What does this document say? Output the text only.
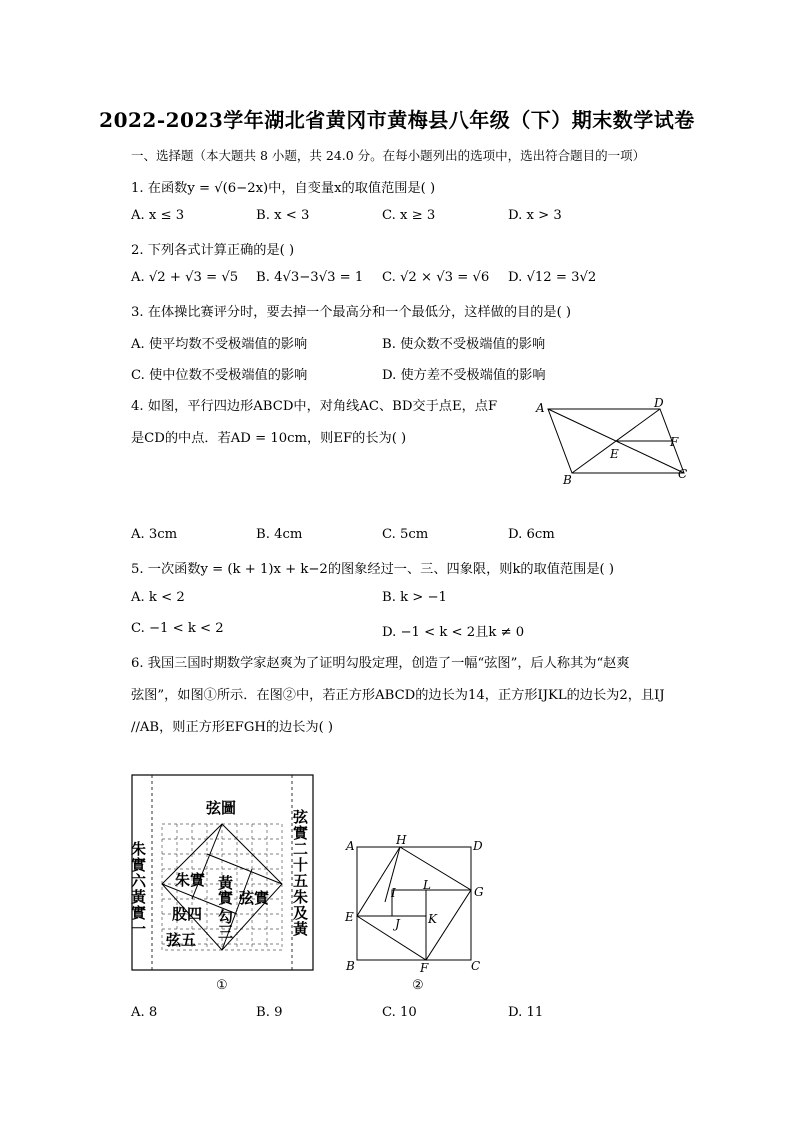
2022-2023学年湖北省黄冈市黄梅县八年级（下）期末数学试卷
一、选择题（本大题共 8 小题，共 24.0 分。在每小题列出的选项中，选出符合题目的一项）
1. 在函数y = √(6−2x)中，自变量x的取值范围是( )
A. x ≤ 3	B. x < 3	C. x ≥ 3	D. x > 3
2. 下列各式计算正确的是( )
A. √2 + √3 = √5 B. 4√3−3√3 = 1 C. √2 × √3 = √6 D. √12 = 3√2
3. 在体操比赛评分时，要去掉一个最高分和一个最低分，这样做的目的是( )
A. 使平均数不受极端值的影响	B. 使众数不受极端值的影响
C. 使中位数不受极端值的影响	D. 使方差不受极端值的影响
4. 如图，平行四边形ABCD中，对角线AC、BD交于点E，点F
是CD的中点．若AD = 10cm，则EF的长为( )
A	D
F
E
C
B
A. 3cm	B. 4cm	C. 5cm	D. 6cm
5. 一次函数y = (k + 1)x + k−2的图象经过一、三、四象限，则k的取值范围是( )
A. k < 2	B. k > −1
C. −1 < k < 2	D. −1 < k < 2且k ≠ 0
6. 我国三国时期数学家赵爽为了证明勾股定理，创造了一幅“弦图”，后人称其为“赵爽
弦图”，如图①所示．在图②中，若正方形ABCD的边长为14，正方形IJKL的边长为2，且IJ
//AB，则正方形EFGH的边长为( )
弦圖
朱實
弦實
股四
弦五
朱實六黃實一	弦實二十五朱及黃
黃實
勾三
①
A	H	D
G
E
B	F	C
I
L
J K
②
A. 8	B. 9	C. 10	D. 11
